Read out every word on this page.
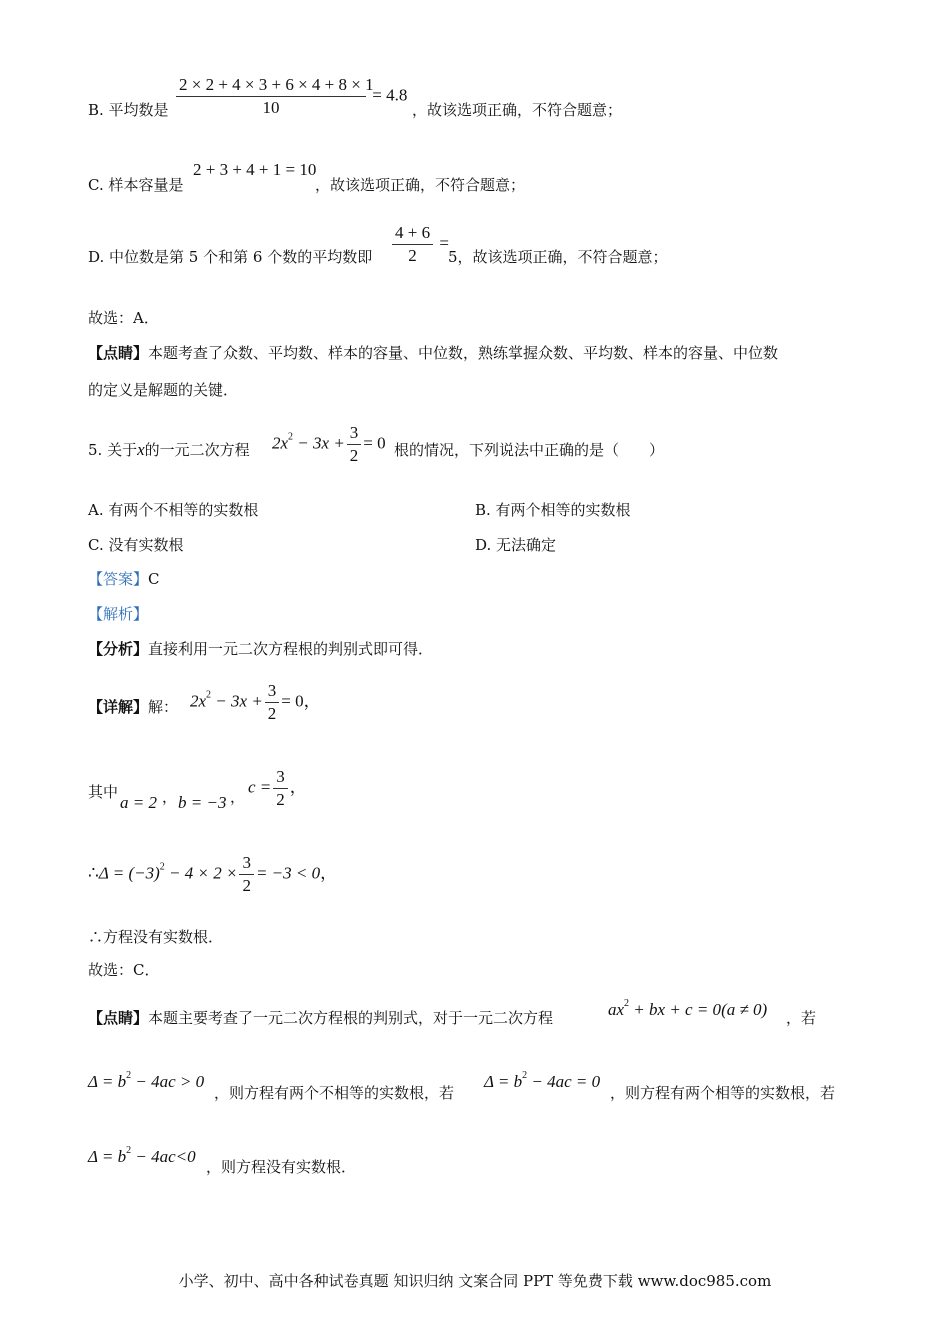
B. 平均数是 $\frac{2 \times 2 + 4 \times 3 + 6 \times 4 + 8 \times 1}{10} = 4.8$
，故该选项正确，不符合题意；
C. 样本容量是
2 + 3 + 4 + 1 = 10
，故该选项正确，不符合题意；
D. 中位数是第 5 个和第 6 个数的平均数即 $\frac{4 + 6}{2}$ =
5，故该选项正确，不符合题意；
故选：A．
【点睛】本题考查了众数、平均数、样本的容量、中位数，熟练掌握众数、平均数、样本的容量、中位数
的定义是解题的关键．
5. 关于x的一元二次方程 $2x^2 - 3x + \frac{3}{2} = 0$ 根的情况，下列说法中正确的是（　　）
A. 有两个不相等的实数根	B. 有两个相等的实数根
C. 没有实数根	D. 无法确定
【答案】C
【解析】
【分析】直接利用一元二次方程根的判别式即可得．
【详解】解： $2x^2 - 3x + \frac{3}{2} = 0$，
其中
a = 2 ， b = −3 ，
$c = \frac{3}{2}$ ，
∴Δ = $(-3)^2 - 4 \times 2 \times \frac{3}{2} = -3 < 0$，
∴方程没有实数根．
故选：C．
【点睛】本题主要考查了一元二次方程根的判别式，对于一元二次方程	$ax^2$ + bx + c = 0(a ≠ 0) ，若
$\Delta = b^2 - 4ac > 0$
，则方程有两个不相等的实数根，若
$\Delta = b^2 - 4ac = 0$
，则方程有两个相等的实数根，若
$\Delta = b^2 - 4ac<0$
，则方程没有实数根．
小学、初中、高中各种试卷真题 知识归纳 文案合同 PPT 等免费下载 www.doc985.com
